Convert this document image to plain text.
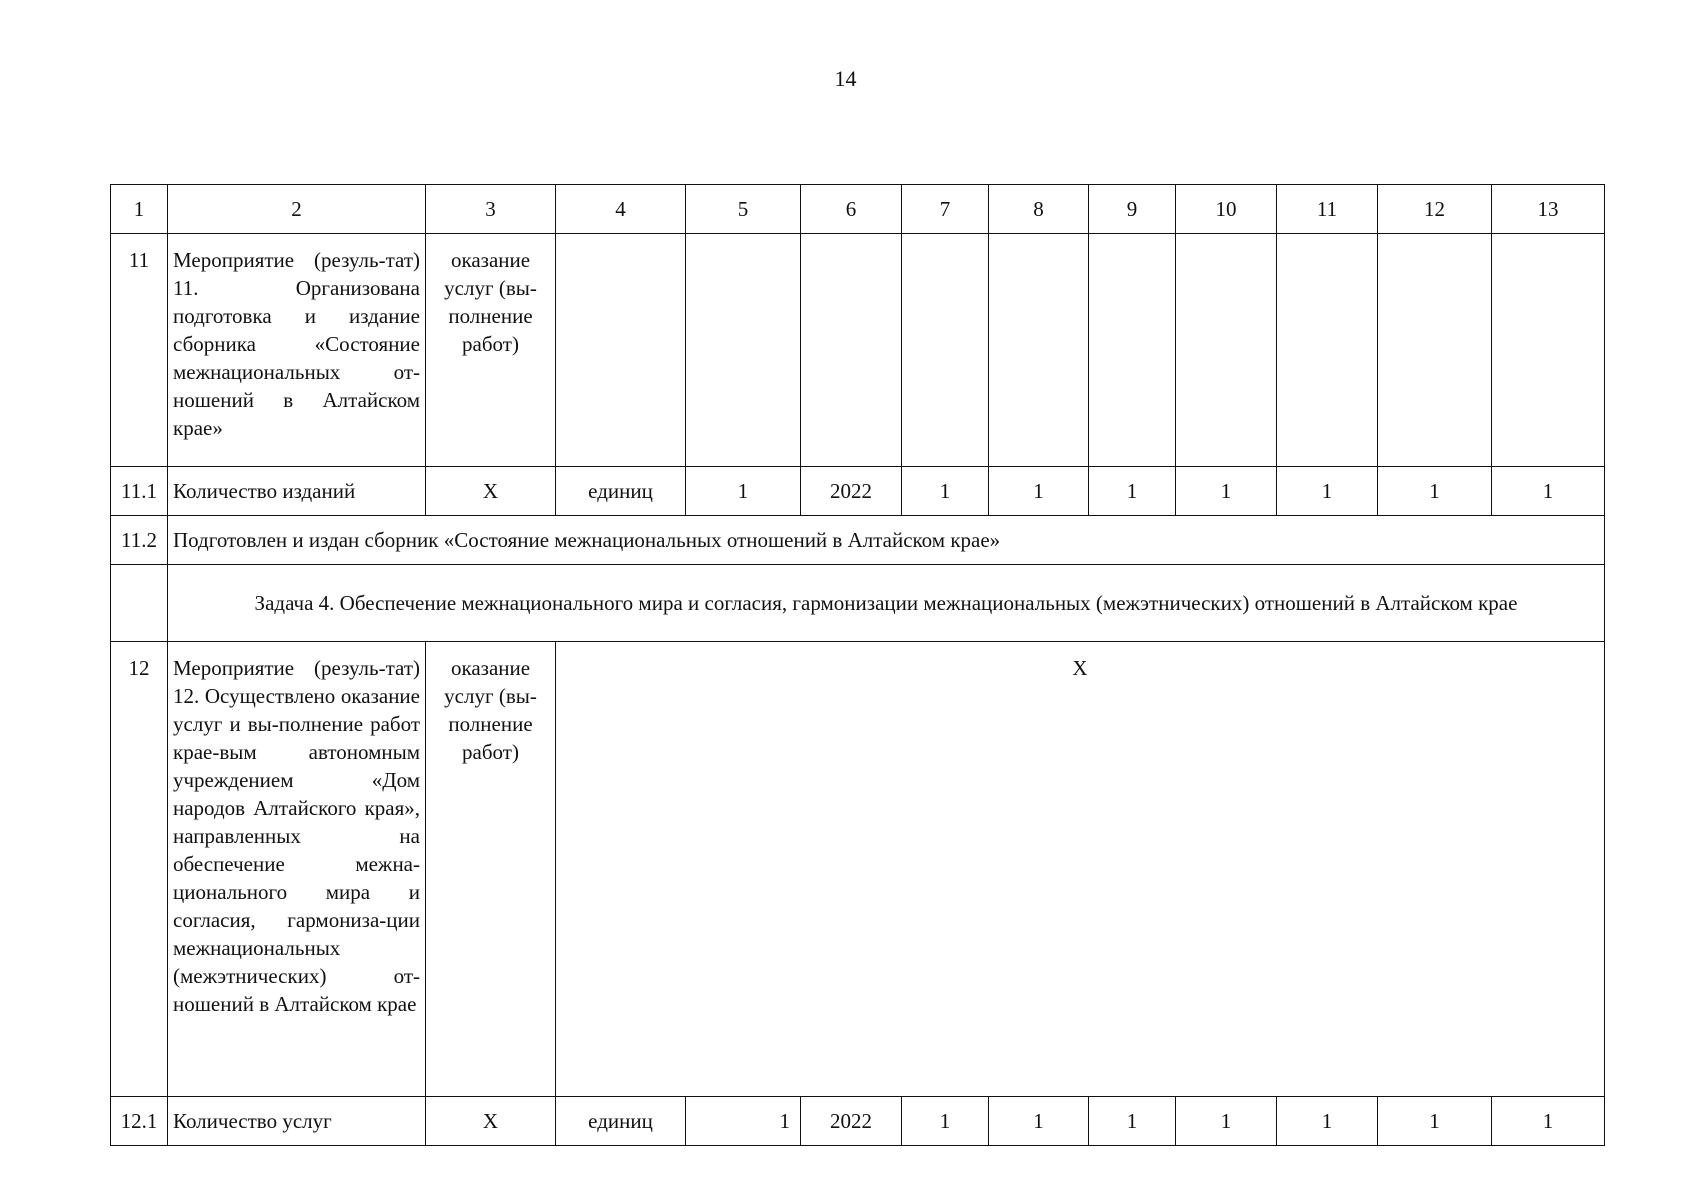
14
1	2	3	4	5	6	7	8	9	10	11	12	13
11	Мероприятие (резуль-тат) 11. Организована подготовка и издание сборника «Состояние межнациональных от-ношений в Алтайском крае»	оказание услуг (вы-полнение работ)										
11.1	Количество изданий	X	единиц	1	2022	1	1	1	1	1	1	1
11.2	Подготовлен и издан сборник «Состояние межнациональных отношений в Алтайском крае»											
	Задача 4. Обеспечение межнационального мира и согласия, гармонизации межнациональных (межэтнических) отношений в Алтайском крае											
12	Мероприятие (резуль-тат) 12. Осуществлено оказание услуг и вы-полнение работ крае-вым автономным учреждением «Дом народов Алтайского края», направленных на обеспечение межна-ционального мира и согласия, гармониза-ции межнациональных (межэтнических) от-ношений в Алтайском крае	оказание услуг (вы-полнение работ)	X									
12.1	Количество услуг	X	единиц	1	2022	1	1	1	1	1	1	1
